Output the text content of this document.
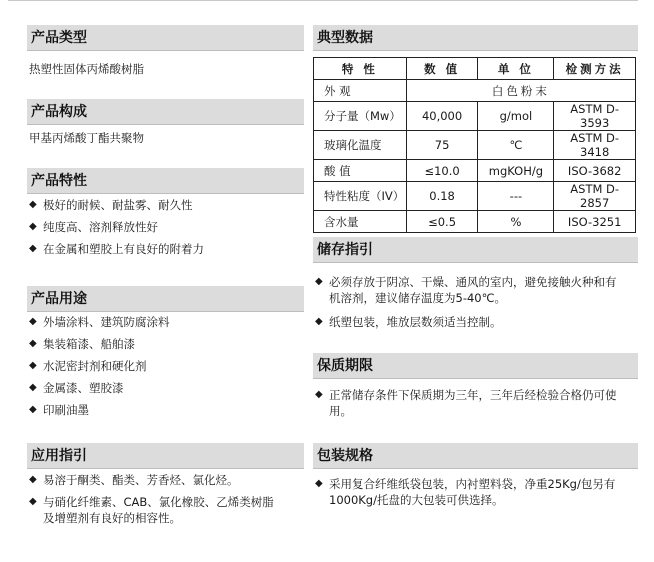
产品类型
热塑性固体丙烯酸树脂
产品构成
甲基丙烯酸丁酯共聚物
产品特性
◆ 极好的耐候、耐盐雾、耐久性
◆ 纯度高、溶剂释放性好
◆ 在金属和塑胶上有良好的附着力
产品用途
◆ 外墙涂料、建筑防腐涂料
◆ 集装箱漆、船舶漆
◆ 水泥密封剂和硬化剂
◆ 金属漆、塑胶漆
◆ 印刷油墨
应用指引
◆ 易溶于酮类、酯类、芳香烃、氯化烃。
◆ 与硝化纤维素、CAB、氯化橡胶、乙烯类树脂及增塑剂有良好的相容性。
典型数据
特 性	数 值	单 位	检测方法
外 观	白色粉末		
分子量（Mw）	40,000	g/mol	ASTM D-3593
玻璃化温度	75	℃	ASTM D-3418
酸 值	≤10.0	mgKOH/g	ISO-3682
特性粘度（IV）	0.18	---	ASTM D-2857
含水量	≤0.5	%	ISO-3251
储存指引
◆ 必须存放于阴凉、干燥、通风的室内，避免接触火种和有机溶剂，建议储存温度为5-40℃。
◆ 纸塑包装，堆放层数须适当控制。
保质期限
◆ 正常储存条件下保质期为三年，三年后经检验合格仍可使用。
包装规格
◆ 采用复合纤维纸袋包装，内衬塑料袋，净重25Kg/包另有1000Kg/托盘的大包装可供选择。
